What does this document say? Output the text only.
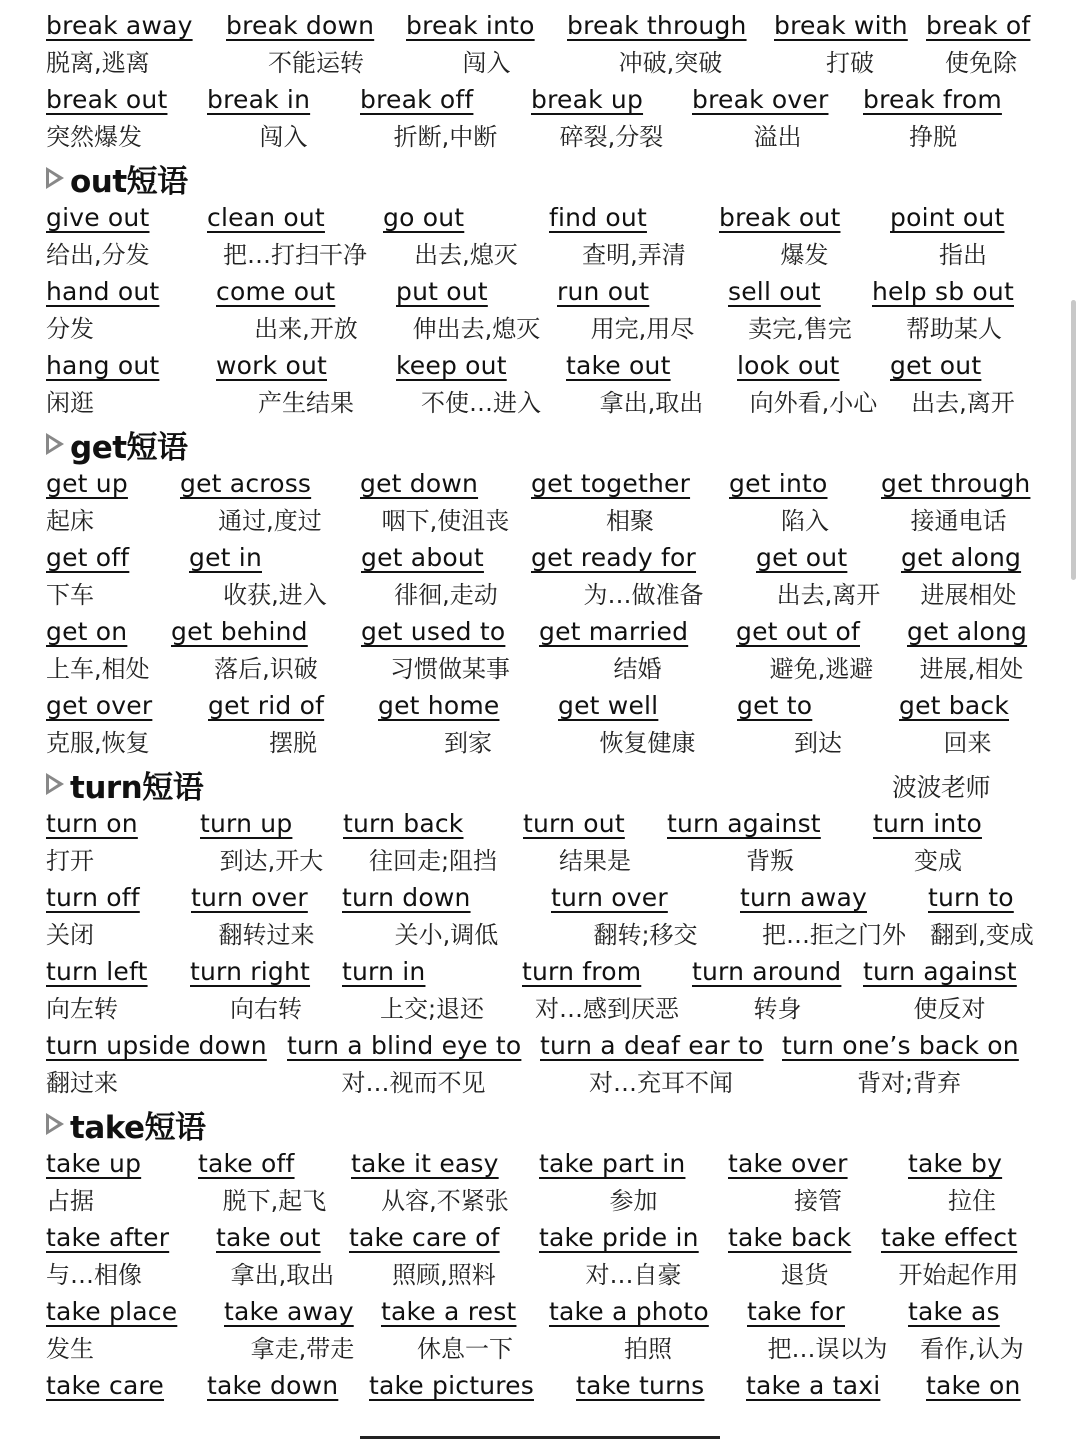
break away
脱离,逃离
break down
不能运转
break into
闯入
break through
冲破,突破
break with
打破
break of
使免除
break out
突然爆发
break in
闯入
break off
折断,中断
break up
碎裂,分裂
break over
溢出
break from
挣脱
out短语
give out
给出,分发
clean out
把…打扫干净
go out
出去,熄灭
find out
查明,弄清
break out
爆发
point out
指出
hand out
分发
come out
出来,开放
put out
伸出去,熄灭
run out
用完,用尽
sell out
卖完,售完
help sb out
帮助某人
hang out
闲逛
work out
产生结果
keep out
不使…进入
take out
拿出,取出
look out
向外看,小心
get out
出去,离开
get短语
get up
起床
get across
通过,度过
get down
咽下,使沮丧
get together
相聚
get into
陷入
get through
接通电话
get off
下车
get in
收获,进入
get about
徘徊,走动
get ready for
为…做准备
get out
出去,离开
get along
进展相处
get on
上车,相处
get behind
落后,识破
get used to
习惯做某事
get married
结婚
get out of
避免,逃避
get along
进展,相处
get over
克服,恢复
get rid of
摆脱
get home
到家
get well
恢复健康
get to
到达
get back
回来
turn短语	波波老师
turn on
打开
turn up
到达,开大
turn back
往回走;阻挡
turn out
结果是
turn against
背叛
turn into
变成
turn off
关闭
turn over
翻转过来
turn down
关小,调低
turn over
翻转;移交
turn away
把…拒之门外
turn to
翻到,变成
turn left
向左转
turn right
向右转
turn in
上交;退还
turn from
对…感到厌恶
turn around
转身
turn against
使反对
turn upside down
翻过来
turn a blind eye to
对…视而不见
turn a deaf ear to
对…充耳不闻
turn one’s back on
背对;背弃
take短语
take up
占据
take off
脱下,起飞
take it easy
从容,不紧张
take part in
参加
take over
接管
take by
拉住
take after
与…相像
take out
拿出,取出
take care of
照顾,照料
take pride in
对…自豪
take back
退货
take effect
开始起作用
take place
发生
take away
拿走,带走
take a rest
休息一下
take a photo
拍照
take for
把…误以为
take as
看作,认为
take care take down take pictures take turns take a taxi take on
